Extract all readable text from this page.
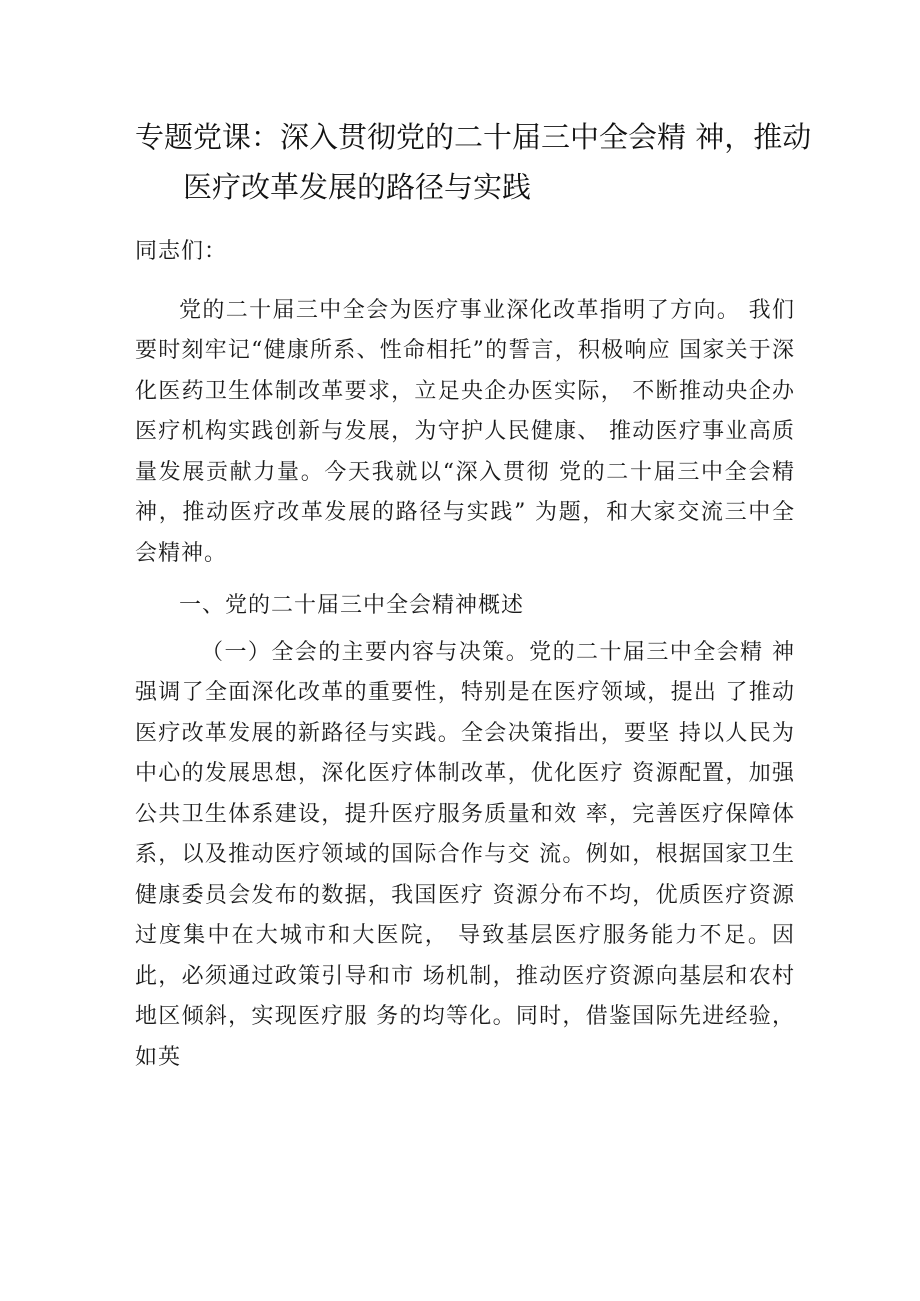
专题党课：深入贯彻党的二十届三中全会精 神，推动
医疗改革发展的路径与实践

同志们：

党的二十届三中全会为医疗事业深化改革指明了方向。 我们要时刻牢记“健康所系、性命相托”的誓言，积极响应 国家关于深化医药卫生体制改革要求，立足央企办医实际， 不断推动央企办医疗机构实践创新与发展，为守护人民健康、 推动医疗事业高质量发展贡献力量。今天我就以“深入贯彻 党的二十届三中全会精神，推动医疗改革发展的路径与实践” 为题，和大家交流三中全会精神。

一、党的二十届三中全会精神概述

（一）全会的主要内容与决策。党的二十届三中全会精 神强调了全面深化改革的重要性，特别是在医疗领域，提出 了推动医疗改革发展的新路径与实践。全会决策指出，要坚 持以人民为中心的发展思想，深化医疗体制改革，优化医疗 资源配置，加强公共卫生体系建设，提升医疗服务质量和效 率，完善医疗保障体系，以及推动医疗领域的国际合作与交 流。例如，根据国家卫生健康委员会发布的数据，我国医疗 资源分布不均，优质医疗资源过度集中在大城市和大医院， 导致基层医疗服务能力不足。因此，必须通过政策引导和市 场机制，推动医疗资源向基层和农村地区倾斜，实现医疗服 务的均等化。同时，借鉴国际先进经验，如英
